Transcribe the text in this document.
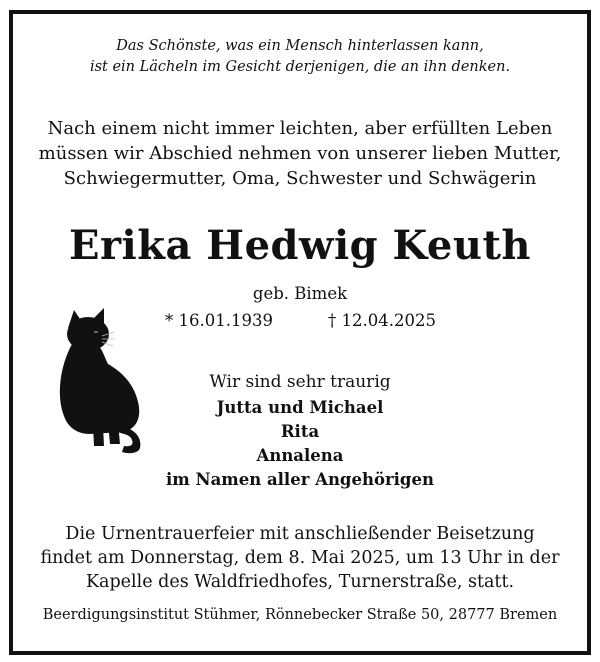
Das Schönste, was ein Mensch hinterlassen kann,
ist ein Lächeln im Gesicht derjenigen, die an ihn denken.
Nach einem nicht immer leichten, aber erfüllten Leben
müssen wir Abschied nehmen von unserer lieben Mutter,
Schwiegermutter, Oma, Schwester und Schwägerin
Erika Hedwig Keuth
geb. Bimek
* 16.01.1939	† 12.04.2025
Wir sind sehr traurig
Jutta und Michael
Rita
Annalena
im Namen aller Angehörigen
Die Urnentrauerfeier mit anschließender Beisetzung
findet am Donnerstag, dem 8. Mai 2025, um 13 Uhr in der
Kapelle des Waldfriedhofes, Turnerstraße, statt.
Beerdigungsinstitut Stühmer, Rönnebecker Straße 50, 28777 Bremen
